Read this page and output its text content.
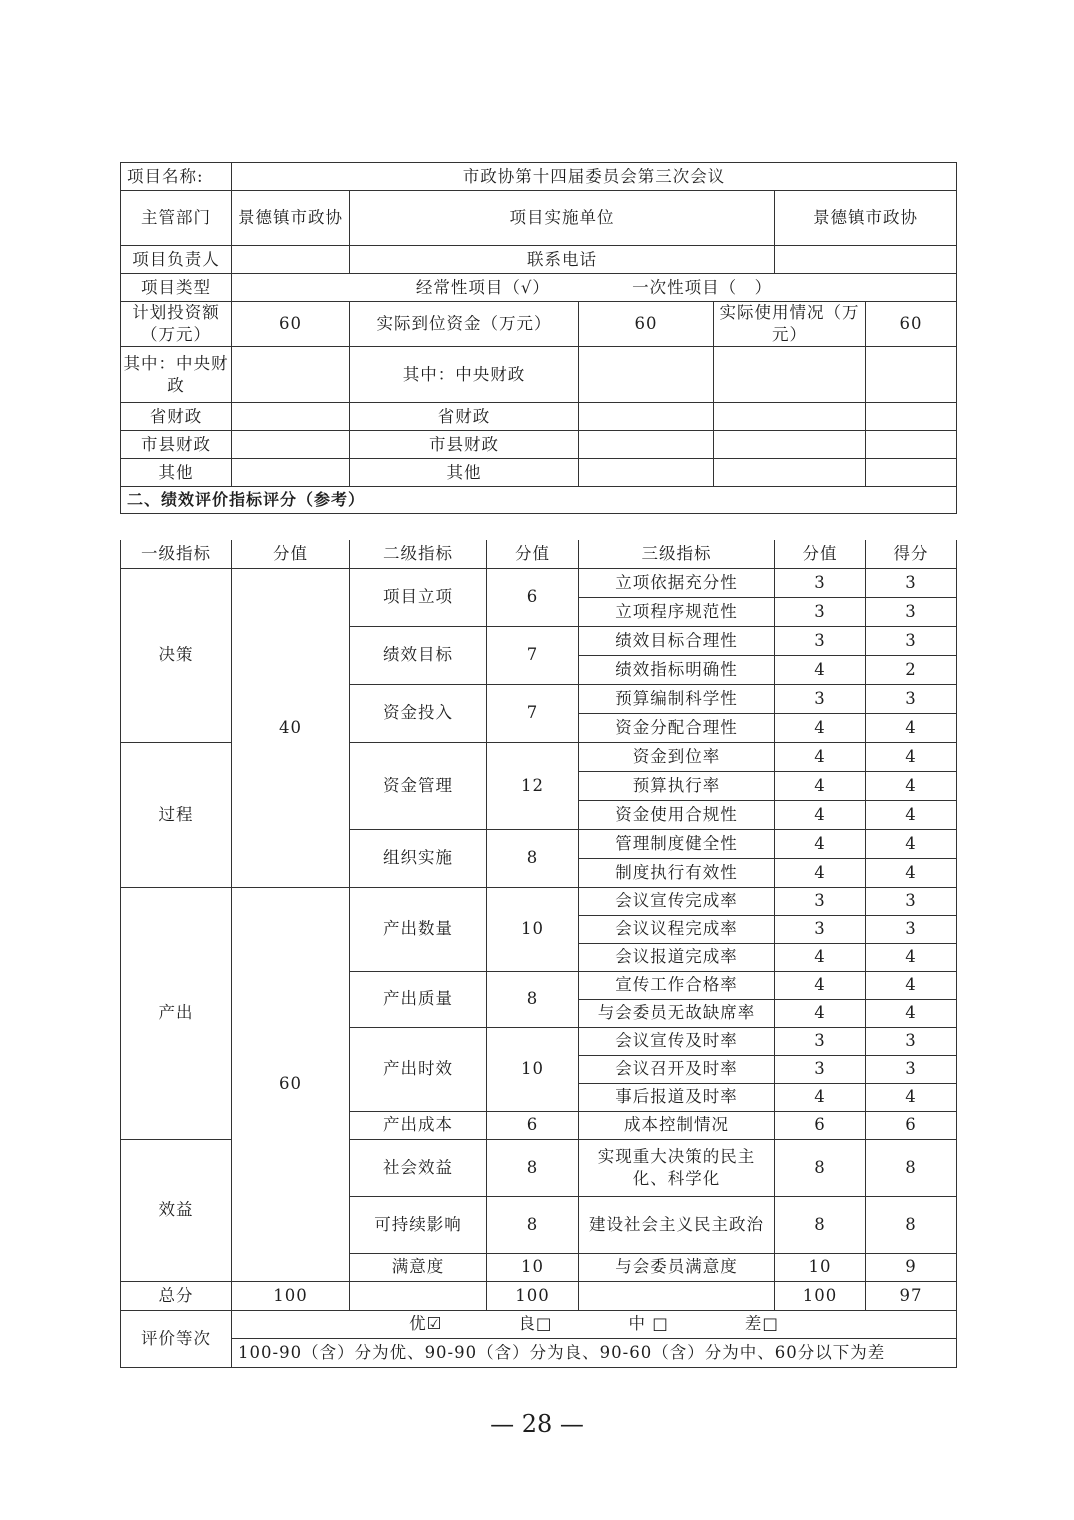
项目名称:	市政协第十四届委员会第三次会议					
主管部门	景德镇市政协	项目实施单位			景德镇市政协	
项目负责人		联系电话				
项目类型	经常性项目（√） 一次性项目（　）					
计划投资额（万元）	60	实际到位资金（万元）	60	实际使用情况（万元）		60
其中：中央财政		其中：中央财政				
省财政		省财政				
市县财政		市县财政				
其他		其他				
二、绩效评价指标评分（参考）						
一级指标	分值	二级指标	分值	三级指标	分值	得分
决策	40	项目立项	6	立项依据充分性	3	3
				立项程序规范性	3	3
		绩效目标	7	绩效目标合理性	3	3
				绩效指标明确性	4	2
		资金投入	7	预算编制科学性	3	3
				资金分配合理性	4	4
过程		资金管理	12	资金到位率	4	4
				预算执行率	4	4
				资金使用合规性	4	4
		组织实施	8	管理制度健全性	4	4
				制度执行有效性	4	4
产出	60	产出数量	10	会议宣传完成率	3	3
				会议议程完成率	3	3
				会议报道完成率	4	4
		产出质量	8	宣传工作合格率	4	4
				与会委员无故缺席率	4	4
		产出时效	10	会议宣传及时率	3	3
				会议召开及时率	3	3
				事后报道及时率	4	4
		产出成本	6	成本控制情况	6	6
效益		社会效益	8	实现重大决策的民主化、科学化	8	8
		可持续影响	8	建设社会主义民主政治	8	8
		满意度	10	与会委员满意度	10	9
总分	100		100		100	97
评价等次	优☑ 良□ 中 □ 差□					
	100-90（含）分为优、90-90（含）分为良、90-60（含）分为中、60分以下为差					
— 28 —
